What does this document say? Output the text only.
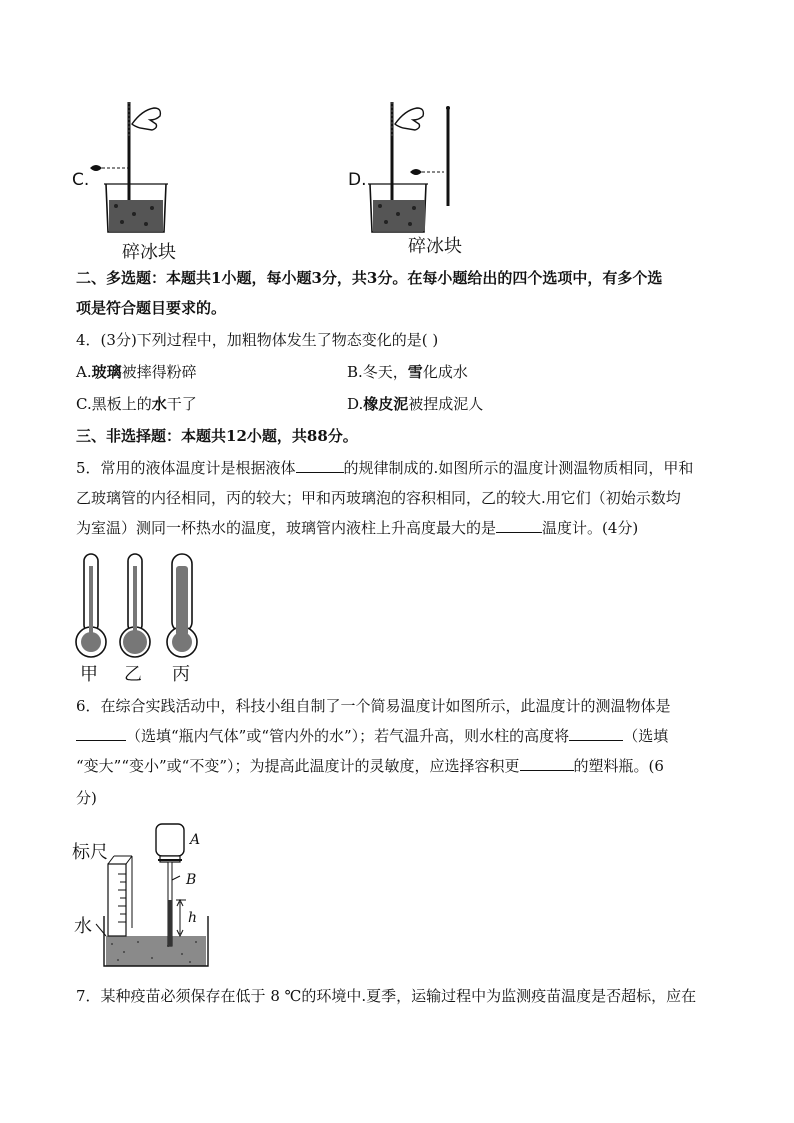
C.
碎冰块
D.
碎冰块
二、多选题：本题共1小题，每小题3分，共3分。在每小题给出的四个选项中，有多个选
项是符合题目要求的。
4．(3分)下列过程中，加粗物体发生了物态变化的是( )
A.玻璃被摔得粉碎	B.冬天，雪化成水
C.黑板上的水干了	D.橡皮泥被捏成泥人
三、非选择题：本题共12小题，共88分。
5．常用的液体温度计是根据液体	的规律制成的.如图所示的温度计测温物质相同，甲和
乙玻璃管的内径相同，丙的较大；甲和丙玻璃泡的容积相同，乙的较大.用它们（初始示数均
为室温）测同一杯热水的温度，玻璃管内液柱上升高度最大的是	温度计。(4分)
甲 乙 丙
6．在综合实践活动中，科技小组自制了一个简易温度计如图所示，此温度计的测温物体是
（选填“瓶内气体”或“管内外的水”）；若气温升高，则水柱的高度将	（选填
“变大”“变小”或“不变”）；为提高此温度计的灵敏度，应选择容积更	的塑料瓶。(6
分)
标尺
水
A
B
h
7．某种疫苗必须保存在低于 8 ℃的环境中.夏季，运输过程中为监测疫苗温度是否超标，应在
